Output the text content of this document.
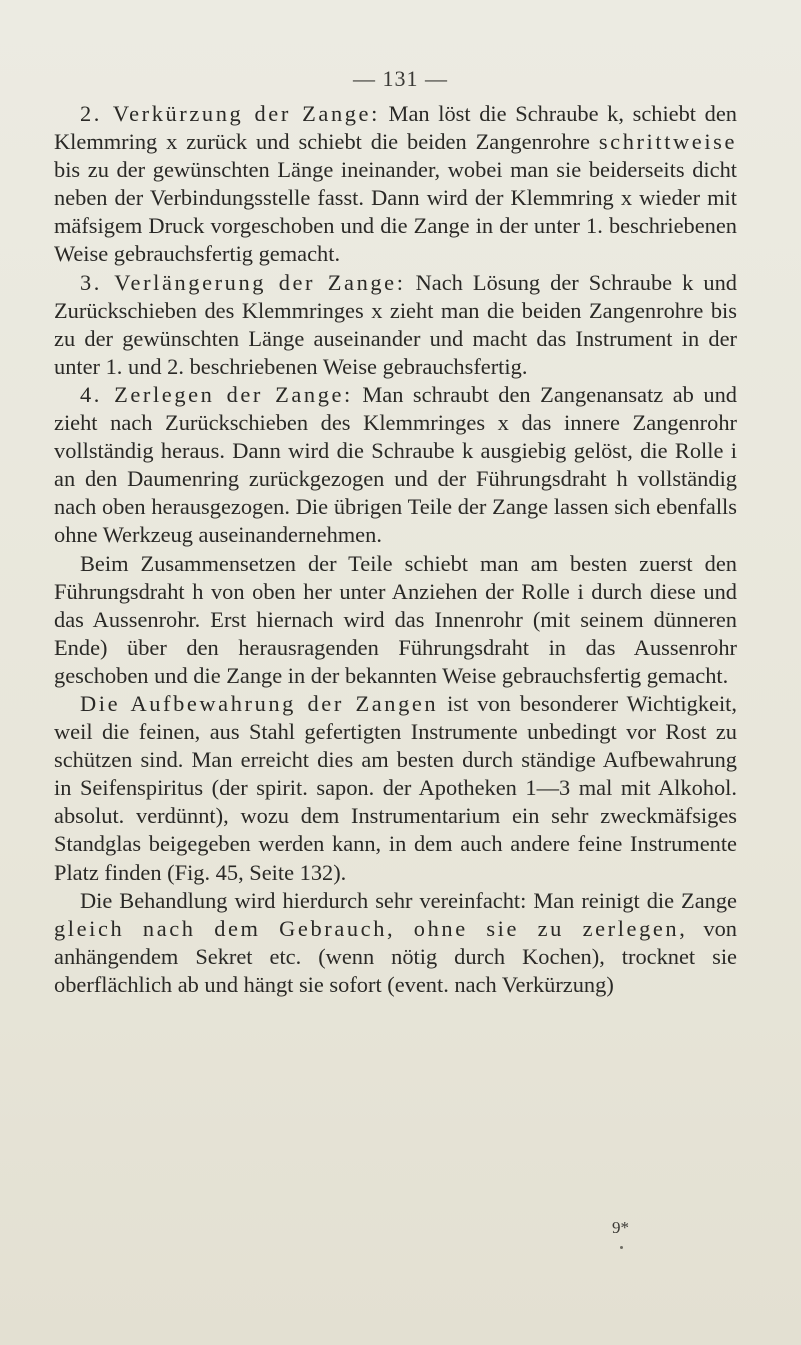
— 131 —

2. Verkürzung der Zange: Man löst die Schraube k, schiebt den Klemmring x zurück und schiebt die beiden Zangenrohre schrittweise bis zu der gewünschten Länge ineinander, wobei man sie beiderseits dicht neben der Verbindungsstelle fasst. Dann wird der Klemmring x wieder mit mäfsigem Druck vorgeschoben und die Zange in der unter 1. beschriebenen Weise gebrauchsfertig gemacht.

3. Verlängerung der Zange: Nach Lösung der Schraube k und Zurückschieben des Klemmringes x zieht man die beiden Zangenrohre bis zu der gewünschten Länge auseinander und macht das Instrument in der unter 1. und 2. beschriebenen Weise gebrauchsfertig.

4. Zerlegen der Zange: Man schraubt den Zangenansatz ab und zieht nach Zurückschieben des Klemmringes x das innere Zangenrohr vollständig heraus. Dann wird die Schraube k ausgiebig gelöst, die Rolle i an den Daumenring zurückgezogen und der Führungsdraht h vollständig nach oben herausgezogen. Die übrigen Teile der Zange lassen sich ebenfalls ohne Werkzeug auseinandernehmen.

Beim Zusammensetzen der Teile schiebt man am besten zuerst den Führungsdraht h von oben her unter Anziehen der Rolle i durch diese und das Aussenrohr. Erst hiernach wird das Innenrohr (mit seinem dünneren Ende) über den herausragenden Führungsdraht in das Aussenrohr geschoben und die Zange in der bekannten Weise gebrauchsfertig gemacht.

Die Aufbewahrung der Zangen ist von besonderer Wichtigkeit, weil die feinen, aus Stahl gefertigten Instrumente unbedingt vor Rost zu schützen sind. Man erreicht dies am besten durch ständige Aufbewahrung in Seifenspiritus (der spirit. sapon. der Apotheken 1—3 mal mit Alkohol. absolut. verdünnt), wozu dem Instrumentarium ein sehr zweckmäfsiges Standglas beigegeben werden kann, in dem auch andere feine Instrumente Platz finden (Fig. 45, Seite 132).

Die Behandlung wird hierdurch sehr vereinfacht: Man reinigt die Zange gleich nach dem Gebrauch, ohne sie zu zerlegen, von anhängendem Sekret etc. (wenn nötig durch Kochen), trocknet sie oberflächlich ab und hängt sie sofort (event. nach Verkürzung)

9*
